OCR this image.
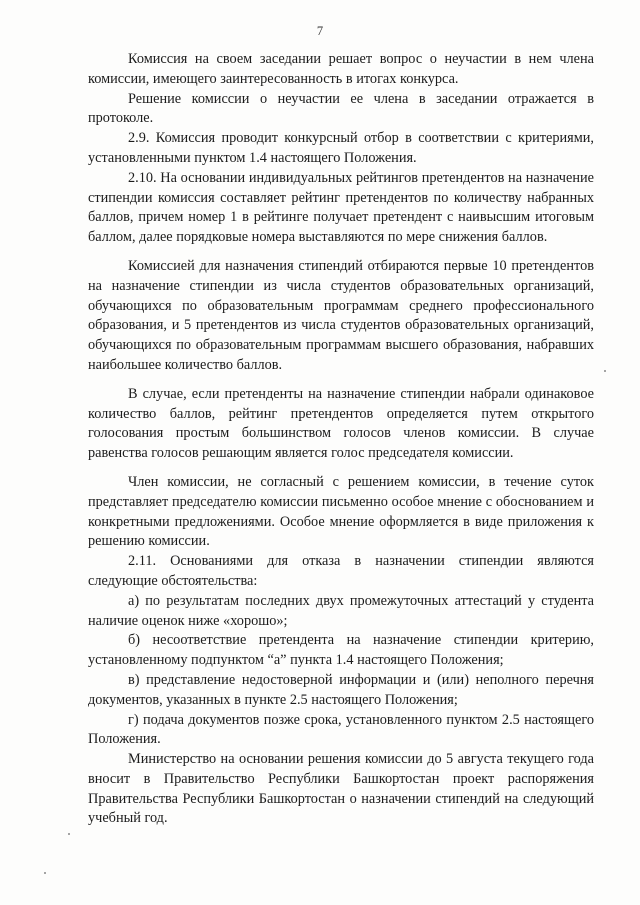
7

Комиссия на своем заседании решает вопрос о неучастии в нем члена комиссии, имеющего заинтересованность в итогах конкурса.

Решение комиссии о неучастии ее члена в заседании отражается в протоколе.

2.9. Комиссия проводит конкурсный отбор в соответствии с критериями, установленными пунктом 1.4 настоящего Положения.

2.10. На основании индивидуальных рейтингов претендентов на назначение стипендии комиссия составляет рейтинг претендентов по количеству набранных баллов, причем номер 1 в рейтинге получает претендент с наивысшим итоговым баллом, далее порядковые номера выставляются по мере снижения баллов.

Комиссией для назначения стипендий отбираются первые 10 претендентов на назначение стипендии из числа студентов образовательных организаций, обучающихся по образовательным программам среднего профессионального образования, и 5 претендентов из числа студентов образовательных организаций, обучающихся по образовательным программам высшего образования, набравших наибольшее количество баллов.

В случае, если претенденты на назначение стипендии набрали одинаковое количество баллов, рейтинг претендентов определяется путем открытого голосования простым большинством голосов членов комиссии. В случае равенства голосов решающим является голос председателя комиссии.

Член комиссии, не согласный с решением комиссии, в течение суток представляет председателю комиссии письменно особое мнение с обоснованием и конкретными предложениями. Особое мнение оформляется в виде приложения к решению комиссии.

2.11. Основаниями для отказа в назначении стипендии являются следующие обстоятельства:

а) по результатам последних двух промежуточных аттестаций у студента наличие оценок ниже «хорошо»;

б) несоответствие претендента на назначение стипендии критерию, установленному подпунктом “а” пункта 1.4 настоящего Положения;

в) представление недостоверной информации и (или) неполного перечня документов, указанных в пункте 2.5 настоящего Положения;

г) подача документов позже срока, установленного пунктом 2.5 настоящего Положения.

Министерство на основании решения комиссии до 5 августа текущего года вносит в Правительство Республики Башкортостан проект распоряжения Правительства Республики Башкортостан о назначении стипендий на следующий учебный год.
